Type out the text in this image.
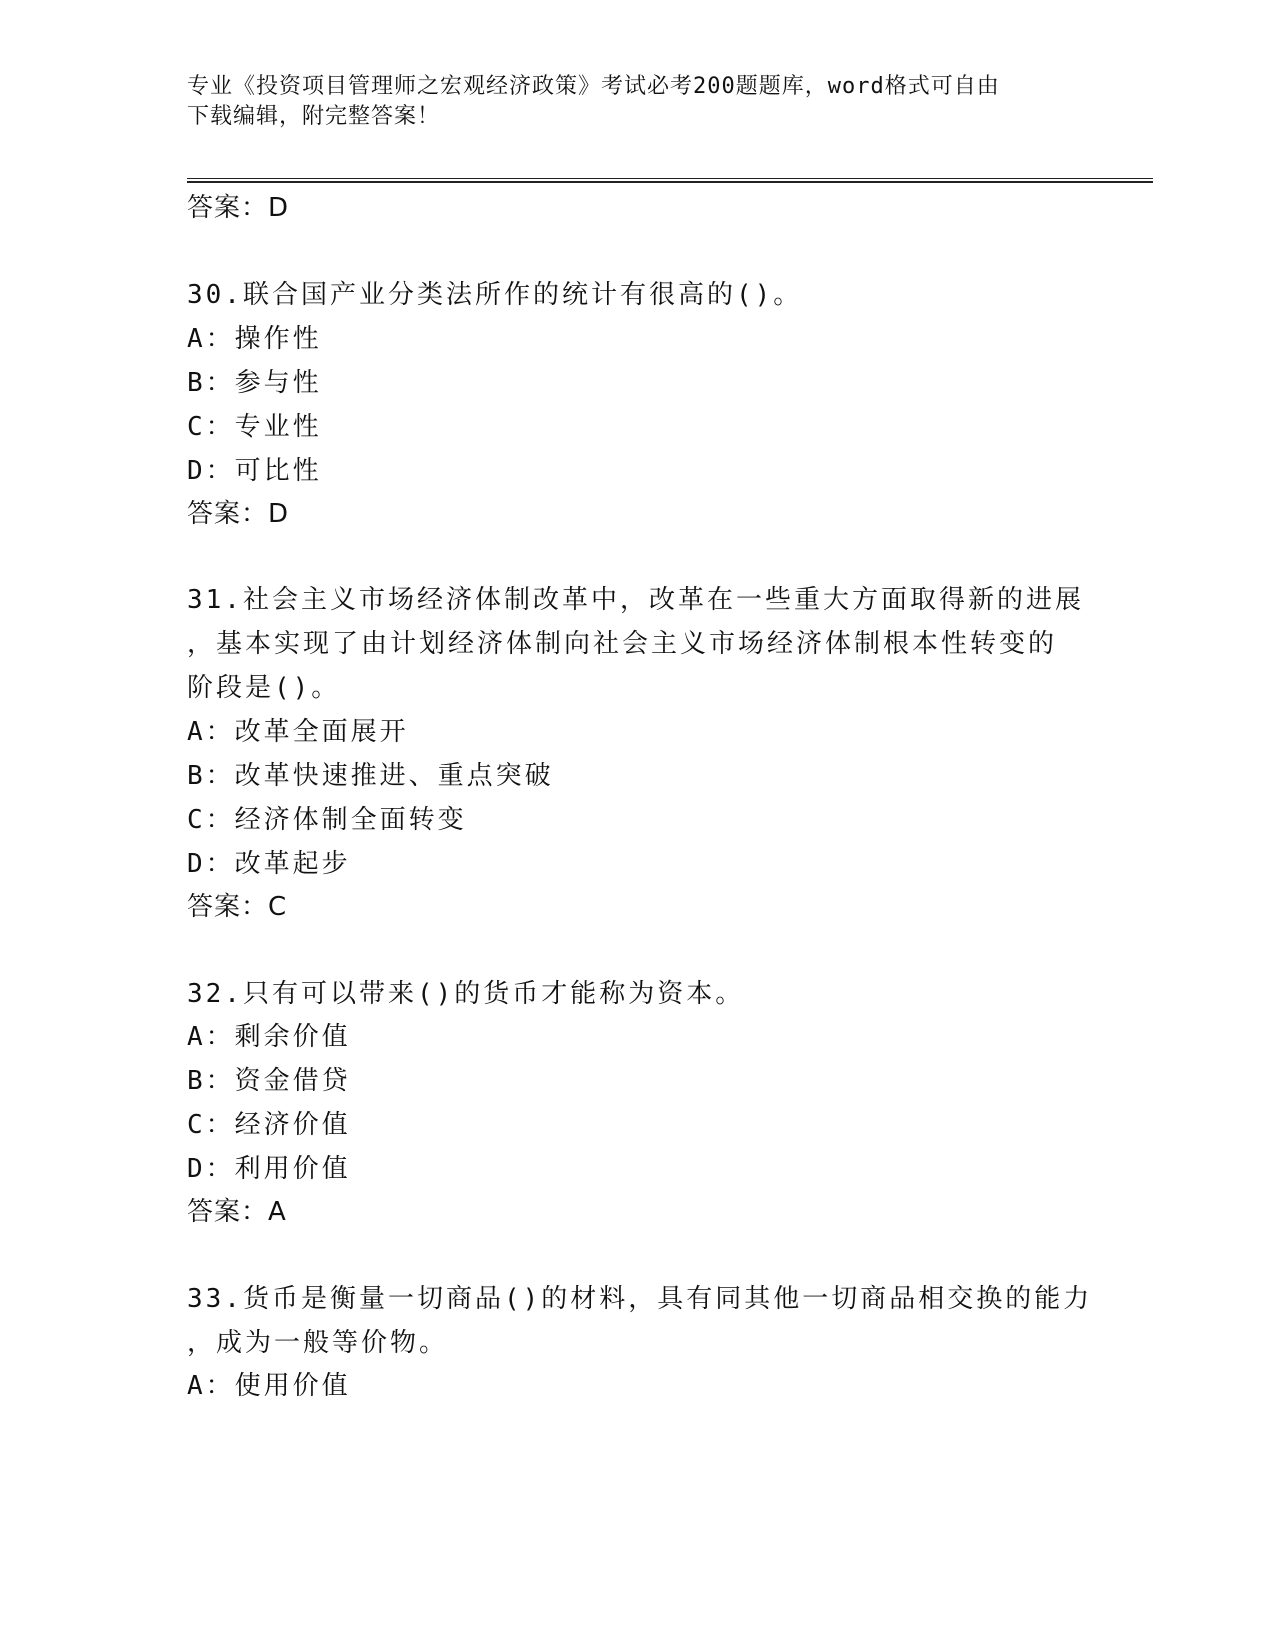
专业《投资项目管理师之宏观经济政策》考试必考200题题库，word格式可自由
下载编辑，附完整答案！
答案：D
30.联合国产业分类法所作的统计有很高的()。
A：操作性
B：参与性
C：专业性
D：可比性
答案：D
31.社会主义市场经济体制改革中，改革在一些重大方面取得新的进展
，基本实现了由计划经济体制向社会主义市场经济体制根本性转变的
阶段是()。
A：改革全面展开
B：改革快速推进、重点突破
C：经济体制全面转变
D：改革起步
答案：C
32.只有可以带来()的货币才能称为资本。
A：剩余价值
B：资金借贷
C：经济价值
D：利用价值
答案：A
33.货币是衡量一切商品()的材料，具有同其他一切商品相交换的能力
，成为一般等价物。
A：使用价值
